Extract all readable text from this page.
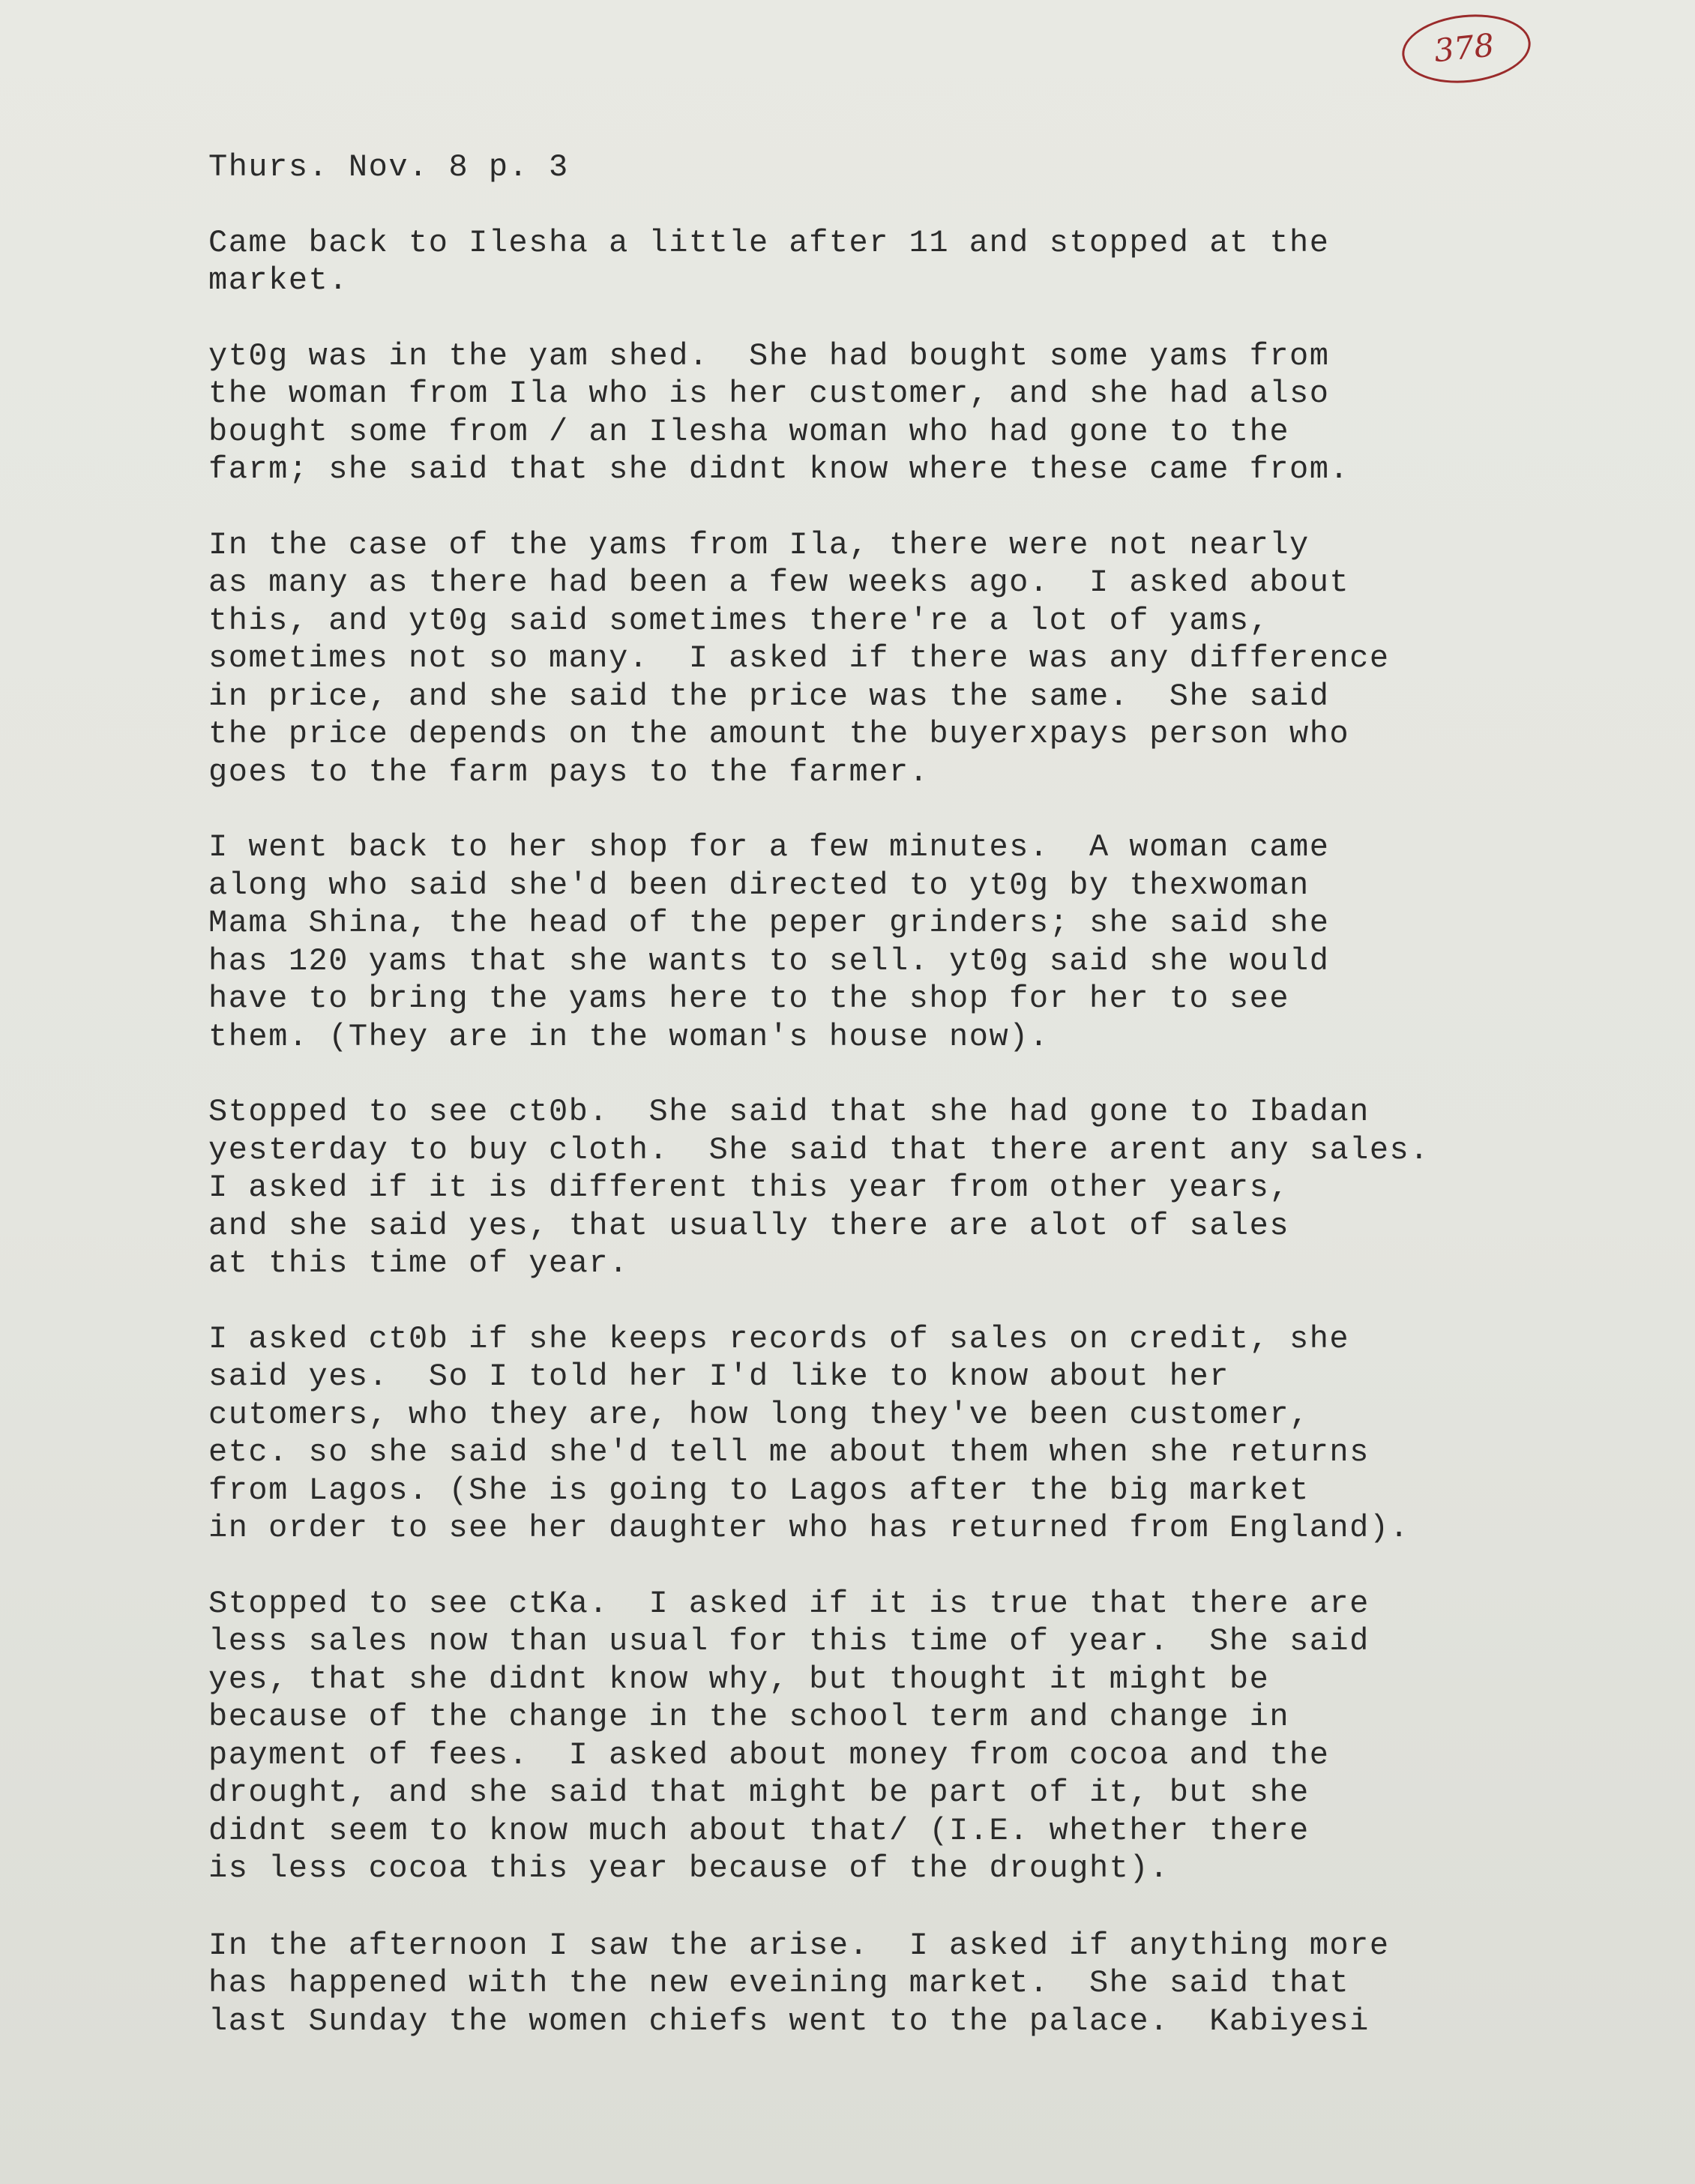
378
Thurs. Nov. 8 p. 3
Came back to Ilesha a little after 11 and stopped at the
market.
yt0g was in the yam shed.  She had bought some yams from
the woman from Ila who is her customer, and she had also
bought some from / an Ilesha woman who had gone to the
farm; she said that she didnt know where these came from.
In the case of the yams from Ila, there were not nearly
as many as there had been a few weeks ago.  I asked about
this, and yt0g said sometimes there're a lot of yams,
sometimes not so many.  I asked if there was any difference
in price, and she said the price was the same.  She said
the price depends on the amount the buyerxpays person who
goes to the farm pays to the farmer.
I went back to her shop for a few minutes.  A woman came
along who said she'd been directed to yt0g by thexwoman
Mama Shina, the head of the peper grinders; she said she
has 120 yams that she wants to sell. yt0g said she would
have to bring the yams here to the shop for her to see
them. (They are in the woman's house now).
Stopped to see ct0b.  She said that she had gone to Ibadan
yesterday to buy cloth.  She said that there arent any sales.
I asked if it is different this year from other years,
and she said yes, that usually there are alot of sales
at this time of year.
I asked ct0b if she keeps records of sales on credit, she
said yes.  So I told her I'd like to know about her
cutomers, who they are, how long they've been customer,
etc. so she said she'd tell me about them when she returns
from Lagos. (She is going to Lagos after the big market
in order to see her daughter who has returned from England).
Stopped to see ctKa.  I asked if it is true that there are
less sales now than usual for this time of year.  She said
yes, that she didnt know why, but thought it might be
because of the change in the school term and change in
payment of fees.  I asked about money from cocoa and the
drought, and she said that might be part of it, but she
didnt seem to know much about that/ (I.E. whether there
is less cocoa this year because of the drought).
In the afternoon I saw the arise.  I asked if anything more
has happened with the new eveining market.  She said that
last Sunday the women chiefs went to the palace.  Kabiyesi
